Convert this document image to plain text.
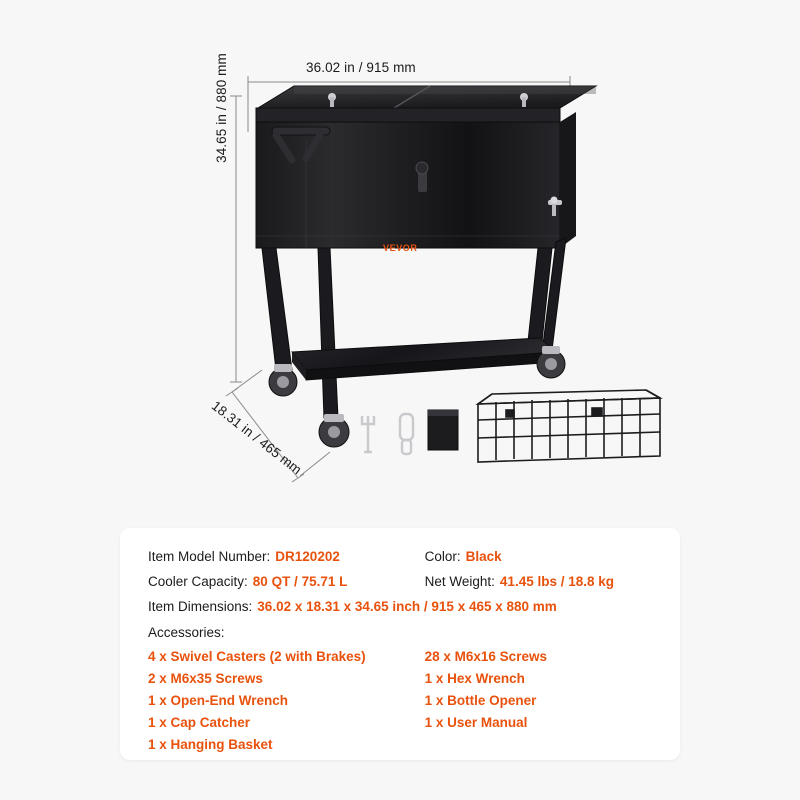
36.02 in / 915 mm
34.65 in / 880 mm
18.31 in / 465 mm
VEVOR
Item Model Number: DR120202	Color: Black
Cooler Capacity: 80 QT / 75.71 L	Net Weight: 41.45 lbs / 18.8 kg
Item Dimensions: 36.02 x 18.31 x 34.65 inch / 915 x 465 x 880 mm
Accessories:
4 x Swivel Casters (2 with Brakes)
2 x M6x35 Screws
1 x Open-End Wrench
1 x Cap Catcher
1 x Hanging Basket
28 x M6x16 Screws
1 x Hex Wrench
1 x Bottle Opener
1 x User Manual
